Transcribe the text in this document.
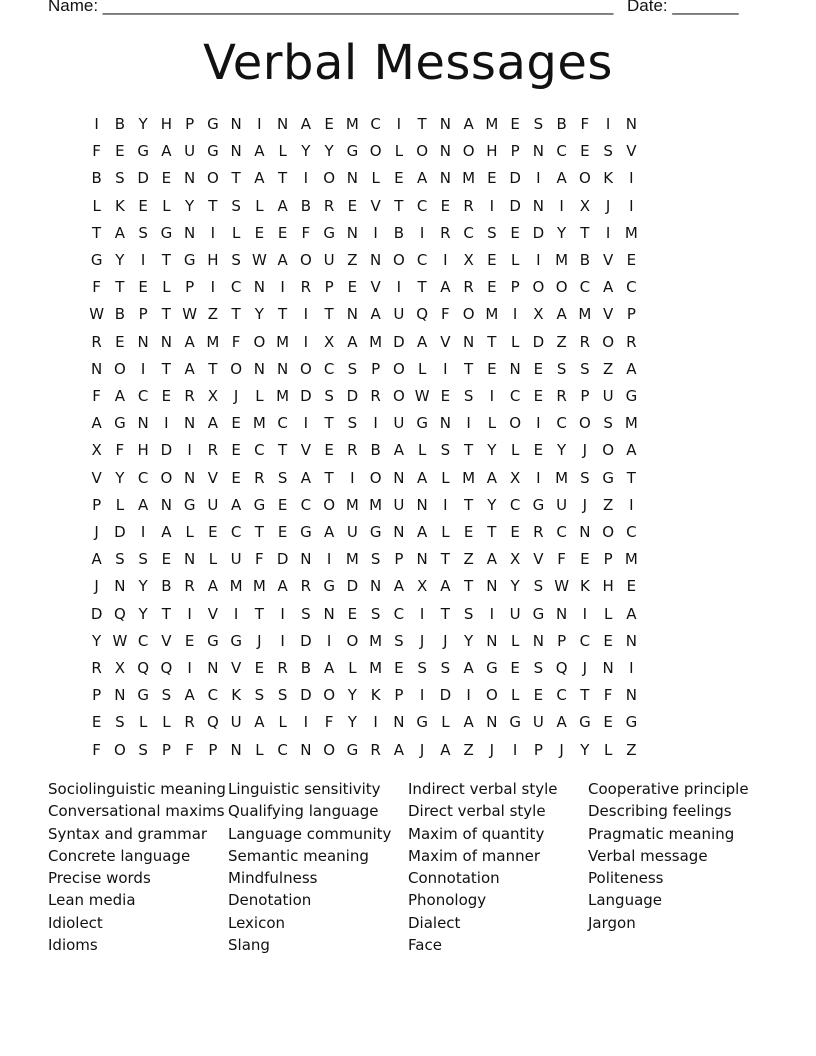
Name: ______________________________________________________ Date: _______
Verbal Messages
I	B	Y	H	P	G	N	I	N	A	E	M	C	I	T	N	A	M	E	S	B	F	I	N
F	E	G	A	U	G	N	A	L	Y	Y	G	O	L	O	N	O	H	P	N	C	E	S	V
B	S	D	E	N	O	T	A	T	I	O	N	L	E	A	N	M	E	D	I	A	O	K	I
L	K	E	L	Y	T	S	L	A	B	R	E	V	T	C	E	R	I	D	N	I	X	J	I
T	A	S	G	N	I	L	E	E	F	G	N	I	B	I	R	C	S	E	D	Y	T	I	M
G	Y	I	T	G	H	S	W	A	O	U	Z	N	O	C	I	X	E	L	I	M	B	V	E
F	T	E	L	P	I	C	N	I	R	P	E	V	I	T	A	R	E	P	O	O	C	A	C
W	B	P	T	W	Z	T	Y	T	I	T	N	A	U	Q	F	O	M	I	X	A	M	V	P
R	E	N	N	A	M	F	O	M	I	X	A	M	D	A	V	N	T	L	D	Z	R	O	R
N	O	I	T	A	T	O	N	N	O	C	S	P	O	L	I	T	E	N	E	S	S	Z	A
F	A	C	E	R	X	J	L	M	D	S	D	R	O	W	E	S	I	C	E	R	P	U	G
A	G	N	I	N	A	E	M	C	I	T	S	I	U	G	N	I	L	O	I	C	O	S	M
X	F	H	D	I	R	E	C	T	V	E	R	B	A	L	S	T	Y	L	E	Y	J	O	A
V	Y	C	O	N	V	E	R	S	A	T	I	O	N	A	L	M	A	X	I	M	S	G	T
P	L	A	N	G	U	A	G	E	C	O	M	M	U	N	I	T	Y	C	G	U	J	Z	I
J	D	I	A	L	E	C	T	E	G	A	U	G	N	A	L	E	T	E	R	C	N	O	C
A	S	S	E	N	L	U	F	D	N	I	M	S	P	N	T	Z	A	X	V	F	E	P	M
J	N	Y	B	R	A	M	M	A	R	G	D	N	A	X	A	T	N	Y	S	W	K	H	E
D	Q	Y	T	I	V	I	T	I	S	N	E	S	C	I	T	S	I	U	G	N	I	L	A
Y	W	C	V	E	G	G	J	I	D	I	O	M	S	J	J	Y	N	L	N	P	C	E	N
R	X	Q	Q	I	N	V	E	R	B	A	L	M	E	S	S	A	G	E	S	Q	J	N	I
P	N	G	S	A	C	K	S	S	D	O	Y	K	P	I	D	I	O	L	E	C	T	F	N
E	S	L	L	R	Q	U	A	L	I	F	Y	I	N	G	L	A	N	G	U	A	G	E	G
F	O	S	P	F	P	N	L	C	N	O	G	R	A	J	A	Z	J	I	P	J	Y	L	Z
Sociolinguistic meaning
Conversational maxims
Syntax and grammar
Concrete language
Precise words
Lean media
Idiolect
Idioms
Linguistic sensitivity
Qualifying language
Language community
Semantic meaning
Mindfulness
Denotation
Lexicon
Slang
Indirect verbal style
Direct verbal style
Maxim of quantity
Maxim of manner
Connotation
Phonology
Dialect
Face
Cooperative principle
Describing feelings
Pragmatic meaning
Verbal message
Politeness
Language
Jargon
